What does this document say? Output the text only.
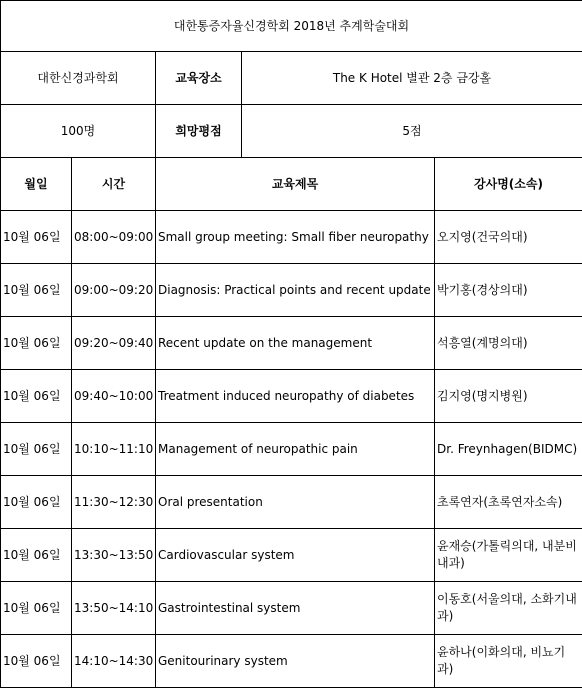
대한통증자율신경학회 2018년 추계학술대회				
대한신경과학회		교육장소	The K Hotel 별관 2층 금강홀	
100명		희망평점	5점	
월일	시간	교육제목		강사명(소속)
10월 06일	08:00~09:00	Small group meeting: Small fiber neuropathy		오지영(건국의대)
10월 06일	09:00~09:20	Diagnosis: Practical points and recent update		박기홍(경상의대)
10월 06일	09:20~09:40	Recent update on the management		석흥열(계명의대)
10월 06일	09:40~10:00	Treatment induced neuropathy of diabetes		김지영(명지병원)
10월 06일	10:10~11:10	Management of neuropathic pain		Dr. Freynhagen(BIDMC)
10월 06일	11:30~12:30	Oral presentation		초록연자(초록연자소속)
10월 06일	13:30~13:50	Cardiovascular system		윤재승(가톨릭의대, 내분비내과)
10월 06일	13:50~14:10	Gastrointestinal system		이동호(서울의대, 소화기내과)
10월 06일	14:10~14:30	Genitourinary system		윤하나(이화의대, 비뇨기과)
